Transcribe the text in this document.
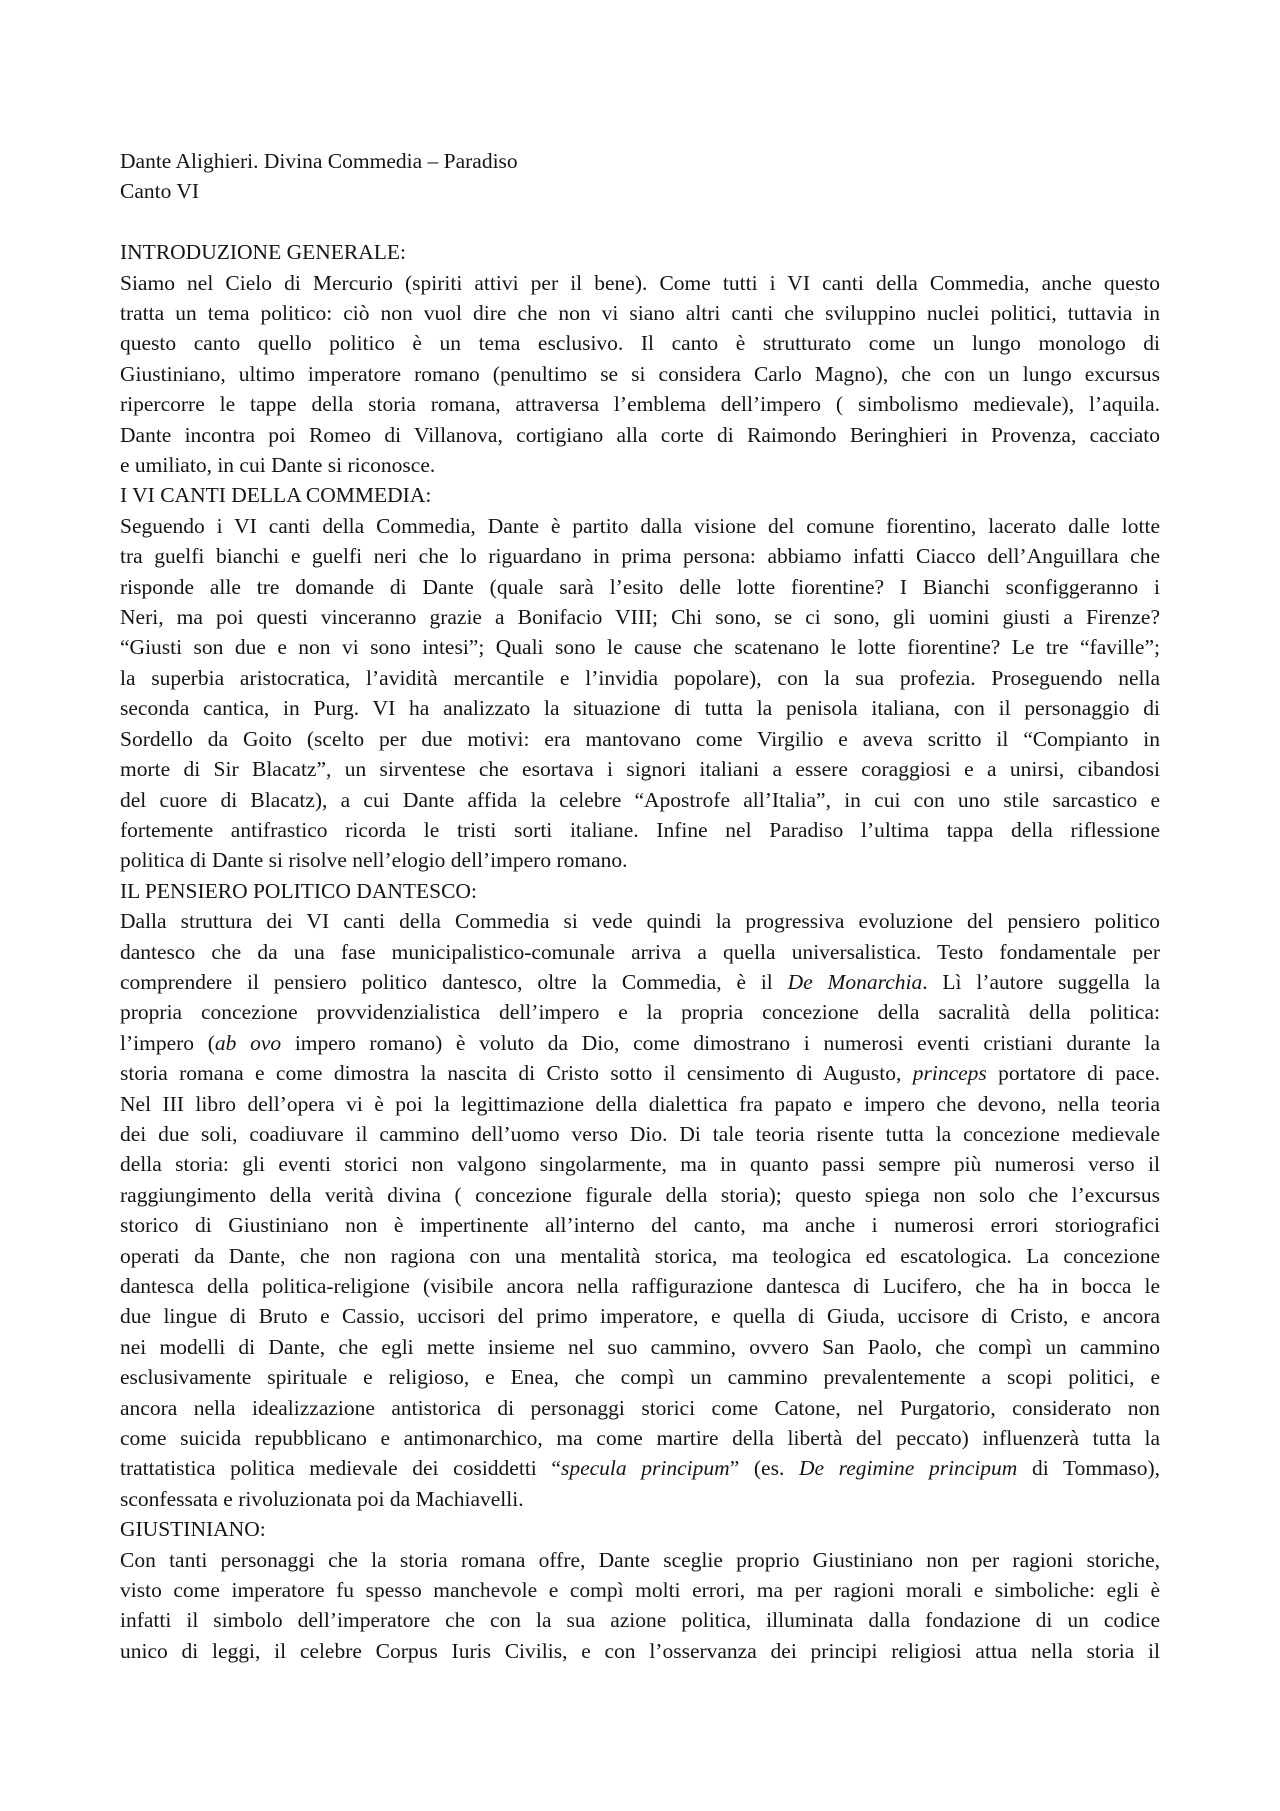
Dante Alighieri. Divina Commedia – Paradiso
Canto VI
INTRODUZIONE GENERALE:
Siamo nel Cielo di Mercurio (spiriti attivi per il bene). Come tutti i VI canti della Commedia, anche questo
tratta un tema politico: ciò non vuol dire che non vi siano altri canti che sviluppino nuclei politici, tuttavia in
questo canto quello politico è un tema esclusivo. Il canto è strutturato come un lungo monologo di
Giustiniano, ultimo imperatore romano (penultimo se si considera Carlo Magno), che con un lungo excursus
ripercorre le tappe della storia romana, attraversa l’emblema dell’impero ( simbolismo medievale), l’aquila.
Dante incontra poi Romeo di Villanova, cortigiano alla corte di Raimondo Beringhieri in Provenza, cacciato
e umiliato, in cui Dante si riconosce.
I VI CANTI DELLA COMMEDIA:
Seguendo i VI canti della Commedia, Dante è partito dalla visione del comune fiorentino, lacerato dalle lotte
tra guelfi bianchi e guelfi neri che lo riguardano in prima persona: abbiamo infatti Ciacco dell’Anguillara che
risponde alle tre domande di Dante (quale sarà l’esito delle lotte fiorentine? I Bianchi sconfiggeranno i
Neri, ma poi questi vinceranno grazie a Bonifacio VIII; Chi sono, se ci sono, gli uomini giusti a Firenze?
“Giusti son due e non vi sono intesi”; Quali sono le cause che scatenano le lotte fiorentine? Le tre “faville”;
la superbia aristocratica, l’avidità mercantile e l’invidia popolare), con la sua profezia. Proseguendo nella
seconda cantica, in Purg. VI ha analizzato la situazione di tutta la penisola italiana, con il personaggio di
Sordello da Goito (scelto per due motivi: era mantovano come Virgilio e aveva scritto il “Compianto in
morte di Sir Blacatz”, un sirventese che esortava i signori italiani a essere coraggiosi e a unirsi, cibandosi
del cuore di Blacatz), a cui Dante affida la celebre “Apostrofe all’Italia”, in cui con uno stile sarcastico e
fortemente antifrastico ricorda le tristi sorti italiane. Infine nel Paradiso l’ultima tappa della riflessione
politica di Dante si risolve nell’elogio dell’impero romano.
IL PENSIERO POLITICO DANTESCO:
Dalla struttura dei VI canti della Commedia si vede quindi la progressiva evoluzione del pensiero politico
dantesco che da una fase municipalistico-comunale arriva a quella universalistica. Testo fondamentale per
comprendere il pensiero politico dantesco, oltre la Commedia, è il De Monarchia. Lì l’autore suggella la
propria concezione provvidenzialistica dell’impero e la propria concezione della sacralità della politica:
l’impero (ab ovo impero romano) è voluto da Dio, come dimostrano i numerosi eventi cristiani durante la
storia romana e come dimostra la nascita di Cristo sotto il censimento di Augusto, princeps portatore di pace.
Nel III libro dell’opera vi è poi la legittimazione della dialettica fra papato e impero che devono, nella teoria
dei due soli, coadiuvare il cammino dell’uomo verso Dio. Di tale teoria risente tutta la concezione medievale
della storia: gli eventi storici non valgono singolarmente, ma in quanto passi sempre più numerosi verso il
raggiungimento della verità divina ( concezione figurale della storia); questo spiega non solo che l’excursus
storico di Giustiniano non è impertinente all’interno del canto, ma anche i numerosi errori storiografici
operati da Dante, che non ragiona con una mentalità storica, ma teologica ed escatologica. La concezione
dantesca della politica-religione (visibile ancora nella raffigurazione dantesca di Lucifero, che ha in bocca le
due lingue di Bruto e Cassio, uccisori del primo imperatore, e quella di Giuda, uccisore di Cristo, e ancora
nei modelli di Dante, che egli mette insieme nel suo cammino, ovvero San Paolo, che compì un cammino
esclusivamente spirituale e religioso, e Enea, che compì un cammino prevalentemente a scopi politici, e
ancora nella idealizzazione antistorica di personaggi storici come Catone, nel Purgatorio, considerato non
come suicida repubblicano e antimonarchico, ma come martire della libertà del peccato) influenzerà tutta la
trattatistica politica medievale dei cosiddetti “specula principum” (es. De regimine principum di Tommaso),
sconfessata e rivoluzionata poi da Machiavelli.
GIUSTINIANO:
Con tanti personaggi che la storia romana offre, Dante sceglie proprio Giustiniano non per ragioni storiche,
visto come imperatore fu spesso manchevole e compì molti errori, ma per ragioni morali e simboliche: egli è
infatti il simbolo dell’imperatore che con la sua azione politica, illuminata dalla fondazione di un codice
unico di leggi, il celebre Corpus Iuris Civilis, e con l’osservanza dei principi religiosi attua nella storia il
